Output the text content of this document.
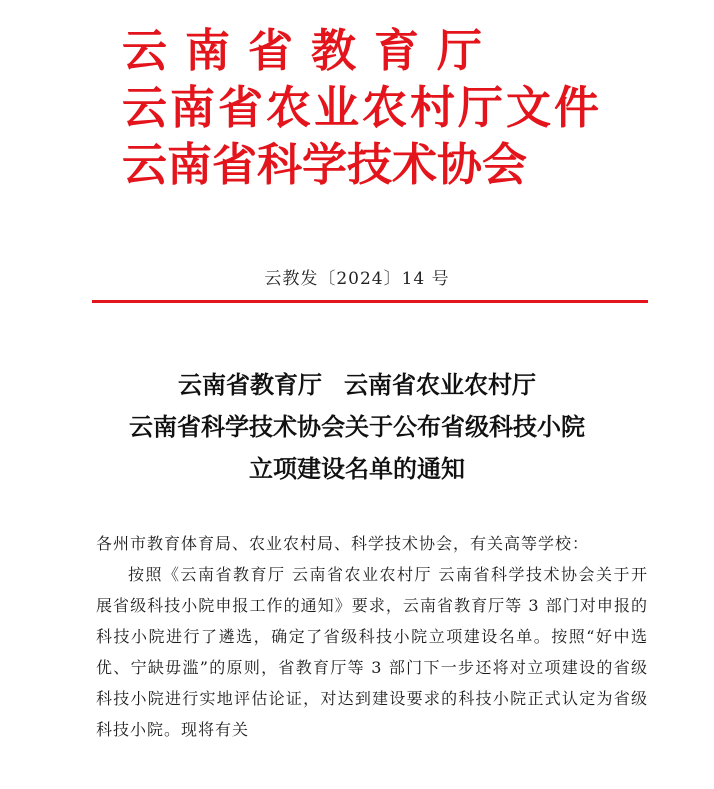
云南省教育厅
云南省农业农村厅文件
云南省科学技术协会
云教发〔2024〕14 号
云南省教育厅 云南省农业农村厅
云南省科学技术协会关于公布省级科技小院
立项建设名单的通知

各州市教育体育局、农业农村局、科学技术协会，有关高等学校：

按照《云南省教育厅 云南省农业农村厅 云南省科学技术协会关于开展省级科技小院申报工作的通知》要求，云南省教育厅等 3 部门对申报的科技小院进行了遴选，确定了省级科技小院立项建设名单。按照“好中选优、宁缺毋滥”的原则，省教育厅等 3 部门下一步还将对立项建设的省级科技小院进行实地评估论证，对达到建设要求的科技小院正式认定为省级科技小院。现将有关
